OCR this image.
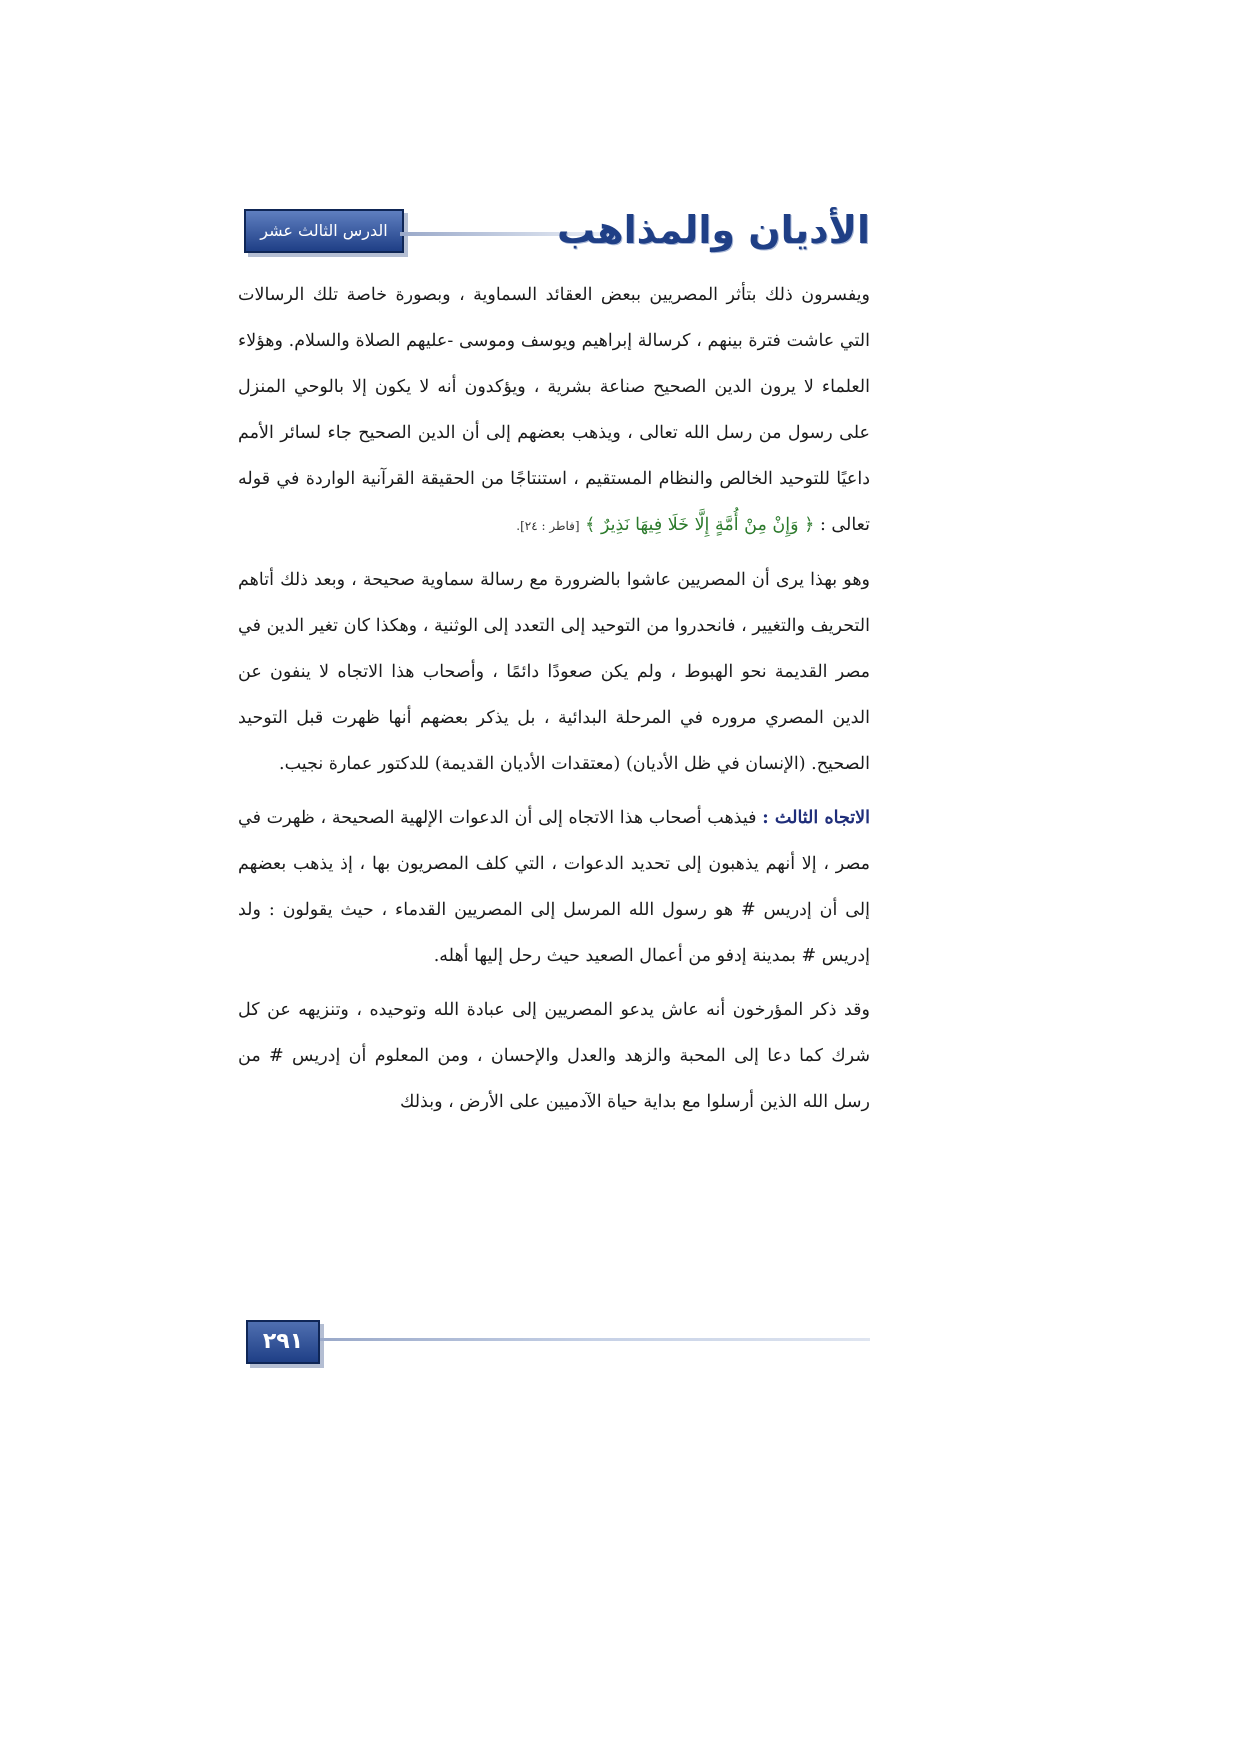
الدرس الثالث عشر	الأديان والمذاهب

ويفسرون ذلك بتأثر المصريين ببعض العقائد السماوية ، وبصورة خاصة تلك الرسالات التي عاشت فترة بينهم ، كرسالة إبراهيم ويوسف وموسى -عليهم الصلاة والسلام. وهؤلاء العلماء لا يرون الدين الصحيح صناعة بشرية ، ويؤكدون أنه لا يكون إلا بالوحي المنزل على رسول من رسل الله تعالى ، ويذهب بعضهم إلى أن الدين الصحيح جاء لسائر الأمم داعيًا للتوحيد الخالص والنظام المستقيم ، استنتاجًا من الحقيقة القرآنية الواردة في قوله تعالى : ﴿ وَإِنْ مِنْ أُمَّةٍ إِلَّا خَلَا فِيهَا نَذِيرٌ ﴾ [فاطر : ٢٤].

وهو بهذا يرى أن المصريين عاشوا بالضرورة مع رسالة سماوية صحيحة ، وبعد ذلك أتاهم التحريف والتغيير ، فانحدروا من التوحيد إلى التعدد إلى الوثنية ، وهكذا كان تغير الدين في مصر القديمة نحو الهبوط ، ولم يكن صعودًا دائمًا ، وأصحاب هذا الاتجاه لا ينفون عن الدين المصري مروره في المرحلة البدائية ، بل يذكر بعضهم أنها ظهرت قبل التوحيد الصحيح. (الإنسان في ظل الأديان) (معتقدات الأديان القديمة) للدكتور عمارة نجيب.

الاتجاه الثالث : فيذهب أصحاب هذا الاتجاه إلى أن الدعوات الإلهية الصحيحة ، ظهرت في مصر ، إلا أنهم يذهبون إلى تحديد الدعوات ، التي كلف المصريون بها ، إذ يذهب بعضهم إلى أن إدريس # هو رسول الله المرسل إلى المصريين القدماء ، حيث يقولون : ولد إدريس # بمدينة إدفو من أعمال الصعيد حيث رحل إليها أهله.

وقد ذكر المؤرخون أنه عاش يدعو المصريين إلى عبادة الله وتوحيده ، وتنزيهه عن كل شرك كما دعا إلى المحبة والزهد والعدل والإحسان ، ومن المعلوم أن إدريس # من رسل الله الذين أرسلوا مع بداية حياة الآدميين على الأرض ، وبذلك

٢٩١
